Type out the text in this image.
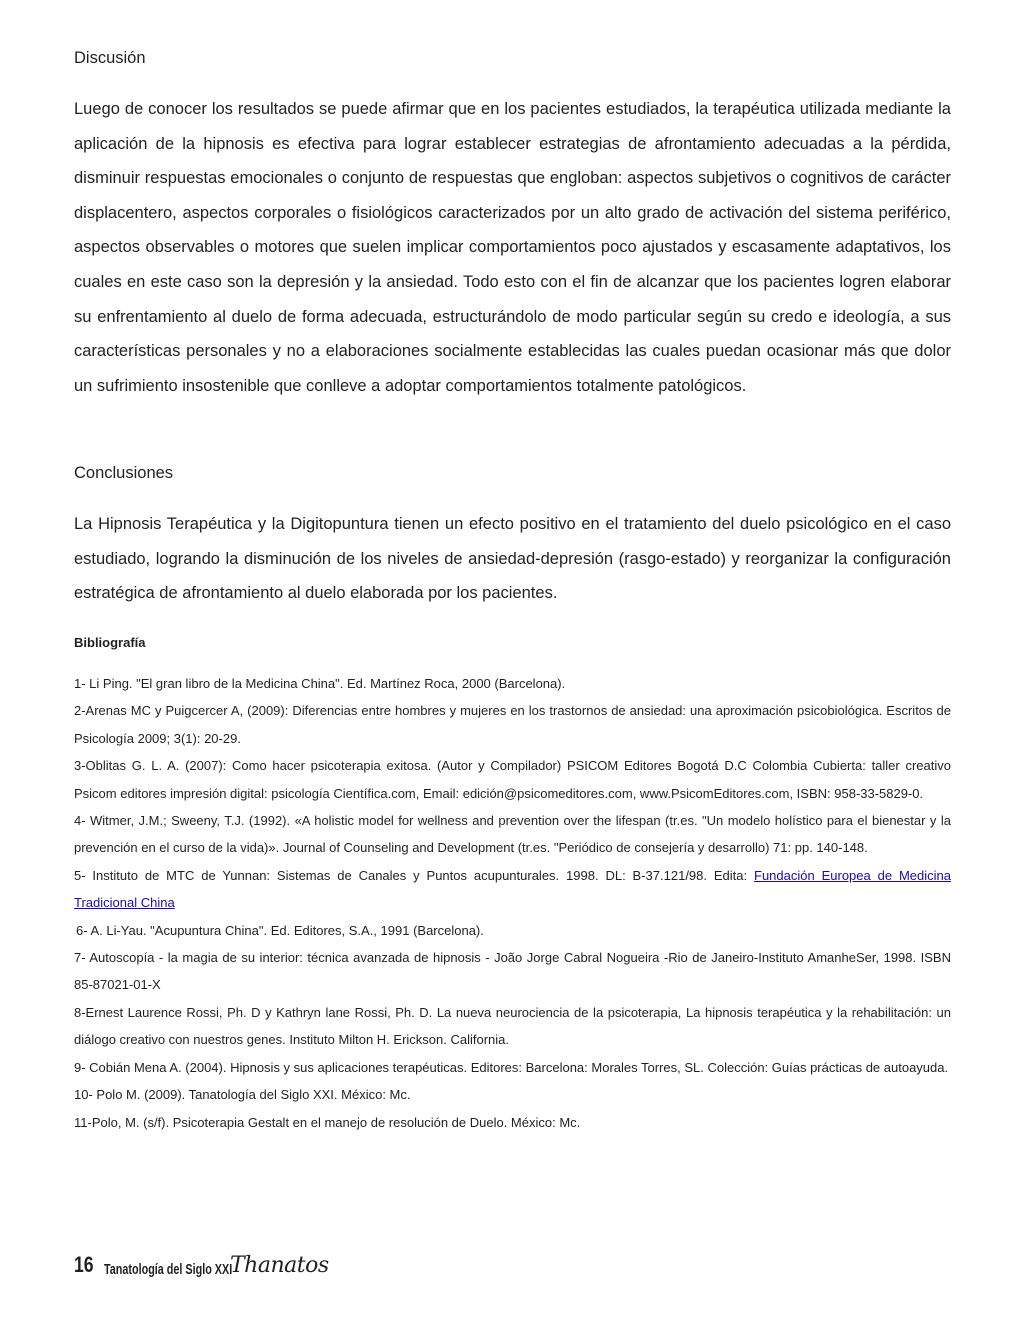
Discusión

Luego de conocer los resultados se puede afirmar que en los pacientes estudiados, la terapéutica utilizada mediante la aplicación de la hipnosis es efectiva para lograr establecer estrategias de afrontamiento adecuadas a la pérdida, disminuir respuestas emocionales o conjunto de respuestas que engloban: aspectos subjetivos o cognitivos de carácter displacentero, aspectos corporales o fisiológicos caracterizados por un alto grado de activación del sistema periférico, aspectos observables o motores que suelen implicar comportamientos poco ajustados y escasamente adaptativos, los cuales en este caso son la depresión y la ansiedad. Todo esto con el fin de alcanzar que los pacientes logren elaborar su enfrentamiento al duelo de forma adecuada, estructurándolo de modo particular según su credo e ideología, a sus características personales y no a elaboraciones socialmente establecidas las cuales puedan ocasionar más que dolor un sufrimiento insostenible que conlleve a adoptar comportamientos totalmente patológicos.

Conclusiones

La Hipnosis Terapéutica y la Digitopuntura tienen un efecto positivo en el tratamiento del duelo psicológico en el caso estudiado, logrando la disminución de los niveles de ansiedad-depresión (rasgo-estado) y reorganizar la configuración estratégica de afrontamiento al duelo elaborada por los pacientes.

Bibliografía
1- Li Ping. "El gran libro de la Medicina China". Ed. Martínez Roca, 2000 (Barcelona).
2-Arenas MC y Puigcercer A, (2009): Diferencias entre hombres y mujeres en los trastornos de ansiedad: una aproximación psicobiológica. Escritos de Psicología 2009; 3(1): 20-29.
3-Oblitas G. L. A. (2007): Como hacer psicoterapia exitosa. (Autor y Compilador) PSICOM Editores Bogotá D.C Colombia Cubierta: taller creativo Psicom editores impresión digital: psicología Científica.com, Email: edición@psicomeditores.com, www.PsicomEditores.com, ISBN: 958-33-5829-0.
4- Witmer, J.M.; Sweeny, T.J. (1992). «A holistic model for wellness and prevention over the lifespan (tr.es. "Un modelo holístico para el bienestar y la prevención en el curso de la vida)». Journal of Counseling and Development (tr.es. "Periódico de consejería y desarrollo) 71: pp. 140-148.
5- Instituto de MTC de Yunnan: Sistemas de Canales y Puntos acupunturales. 1998. DL: B-37.121/98. Edita: Fundación Europea de Medicina Tradicional China
6- A. Li-Yau. "Acupuntura China". Ed. Editores, S.A., 1991 (Barcelona).
7- Autoscopía - la magia de su interior: técnica avanzada de hipnosis - João Jorge Cabral Nogueira -Rio de Janeiro-Instituto AmanheSer, 1998. ISBN 85-87021-01-X
8-Ernest Laurence Rossi, Ph. D y Kathryn lane Rossi, Ph. D. La nueva neurociencia de la psicoterapia, La hipnosis terapéutica y la rehabilitación: un diálogo creativo con nuestros genes. Instituto Milton H. Erickson. California.
9- Cobián Mena A. (2004). Hipnosis y sus aplicaciones terapéuticas. Editores: Barcelona: Morales Torres, SL. Colección: Guías prácticas de autoayuda.
10- Polo M. (2009). Tanatología del Siglo XXI. México: Mc.
11-Polo, M. (s/f). Psicoterapia Gestalt en el manejo de resolución de Duelo. México: Mc.
16 Tanatología del Siglo XXI
Thanatos
